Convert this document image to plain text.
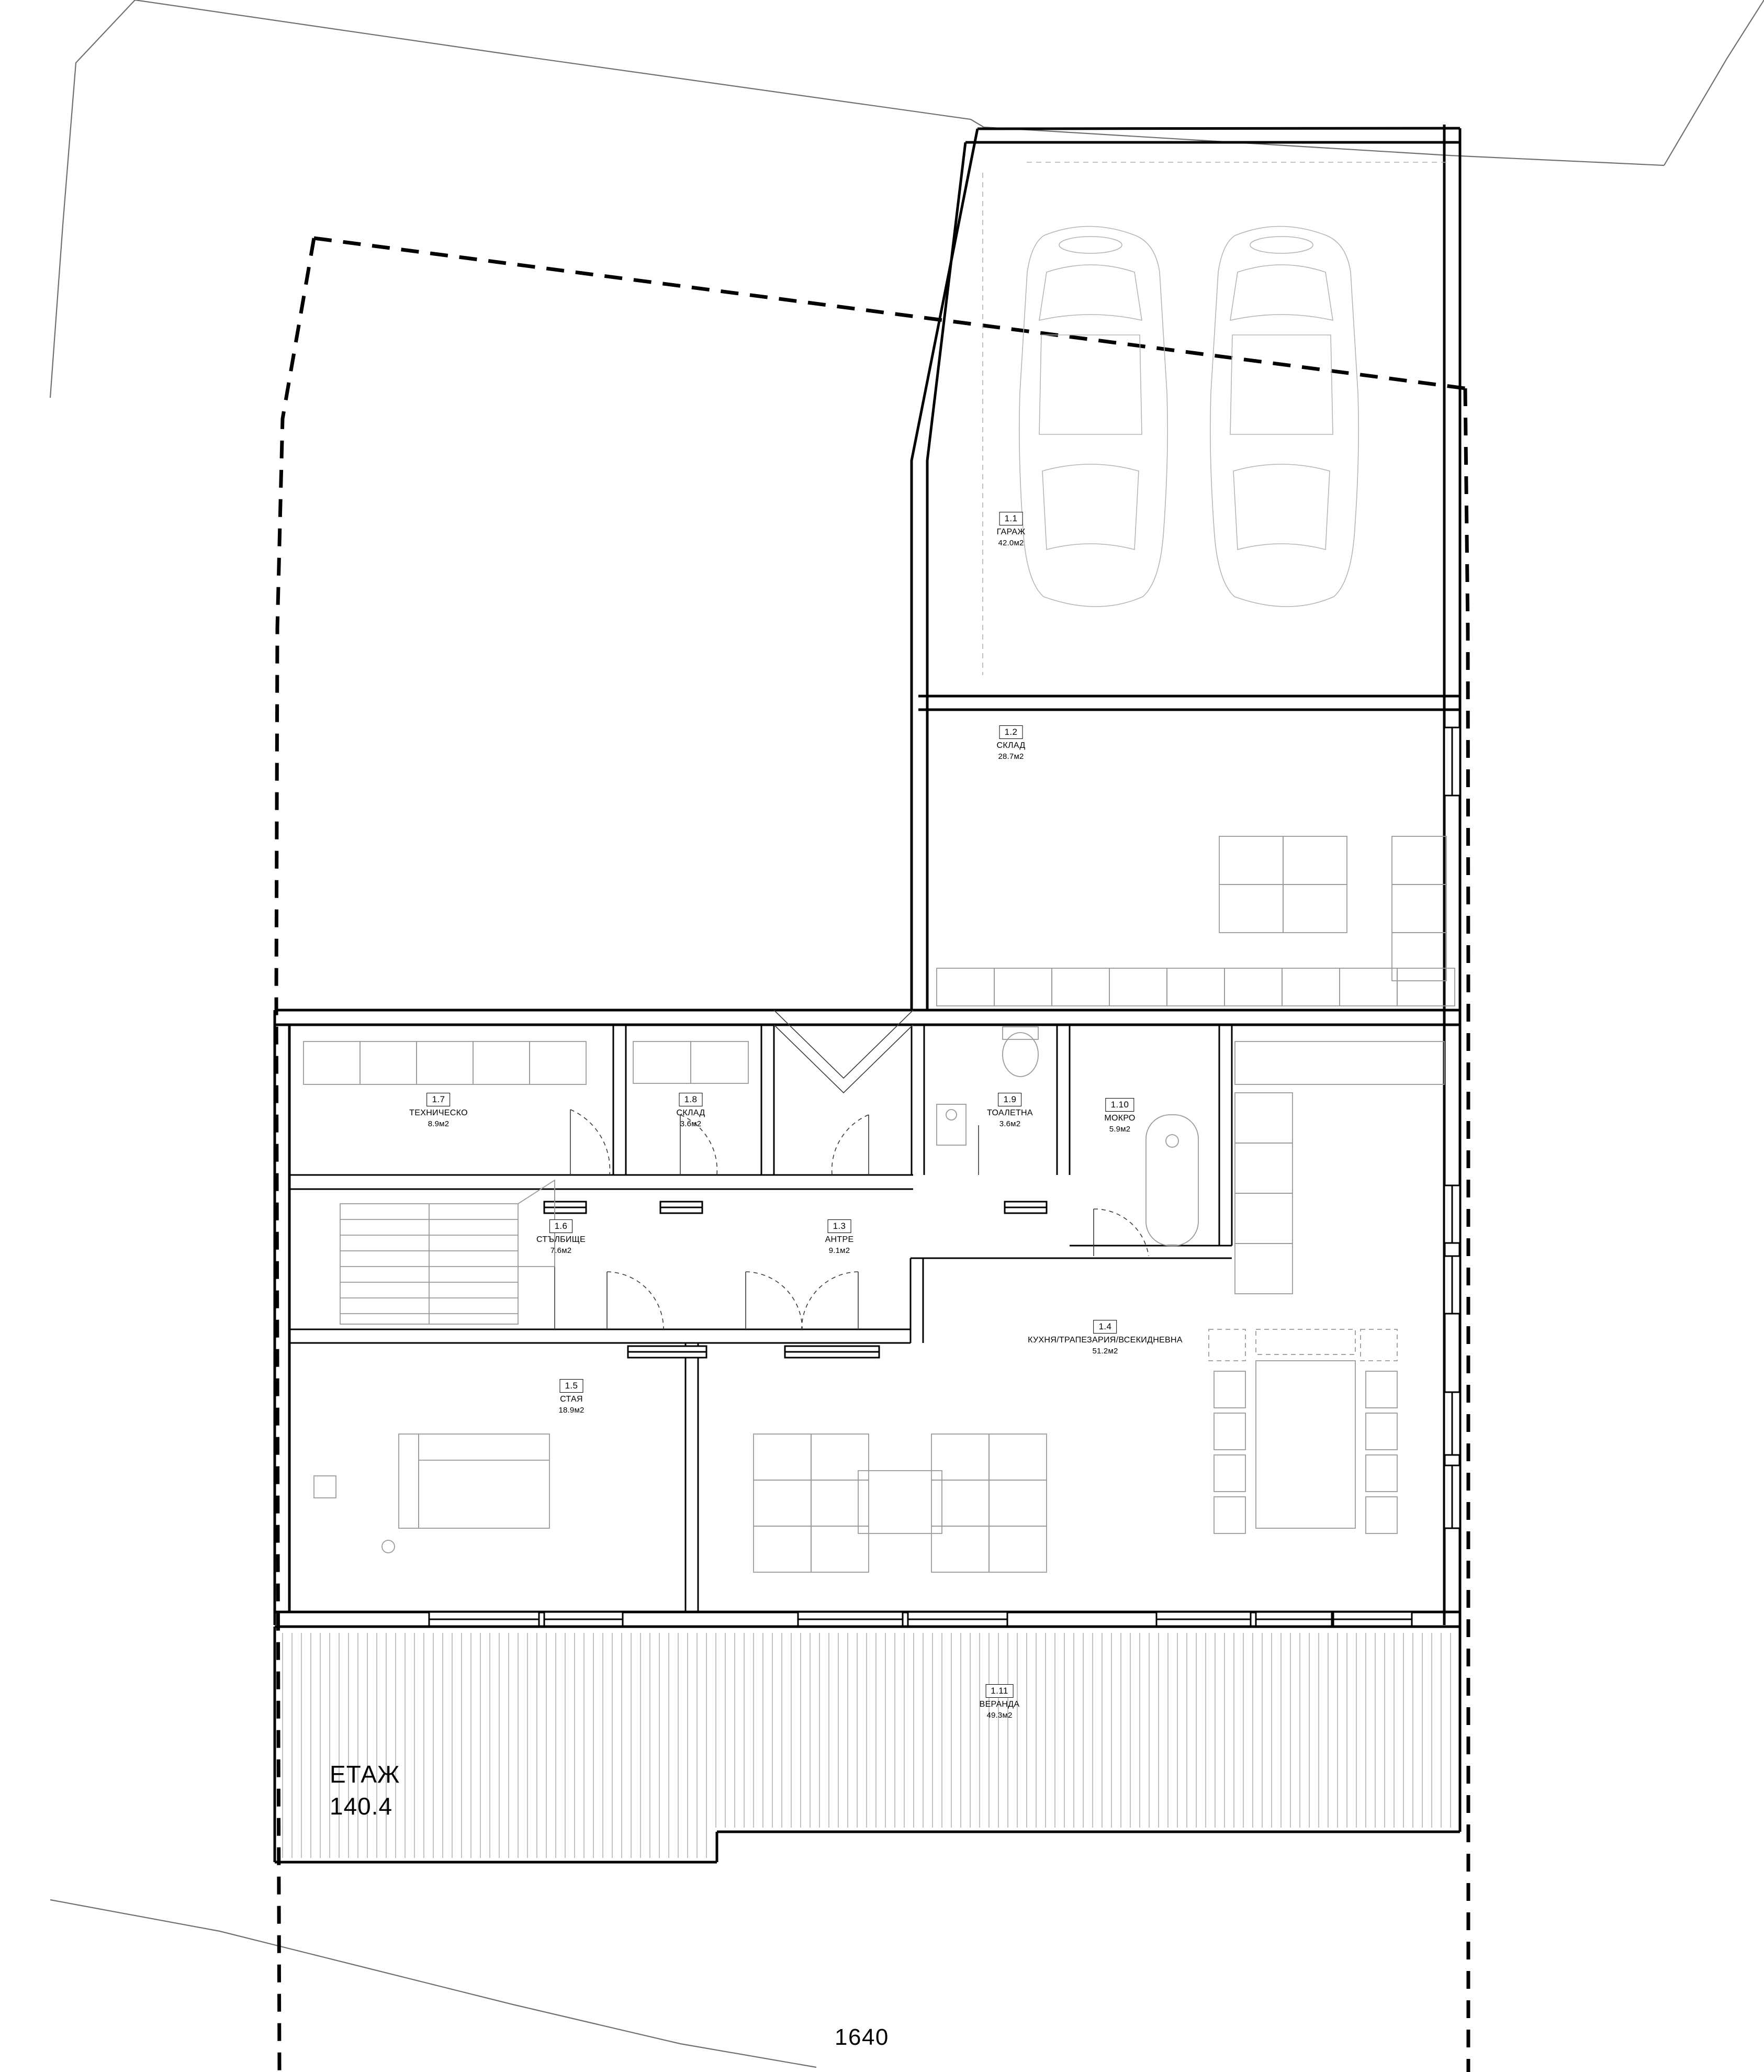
1.1
ГАРАЖ
42.0м2
1.2
СКЛАД
28.7м2
1.7
ТЕХНИЧЕСКО
8.9м2
1.8
СКЛАД
3.6м2
1.9
ТОАЛЕТНА
3.6м2
1.10
МОКРО
5.9м2
1.6
СТЪЛБИЩЕ
7.6м2
1.3
АНТРЕ
9.1м2
1.4
КУХНЯ/ТРАПЕЗАРИЯ/ВСЕКИДНЕВНА
51.2м2
1.5
СТАЯ
18.9м2
1.11
ВЕРАНДА
49.3м2
ЕТАЖ
140.4
1640
